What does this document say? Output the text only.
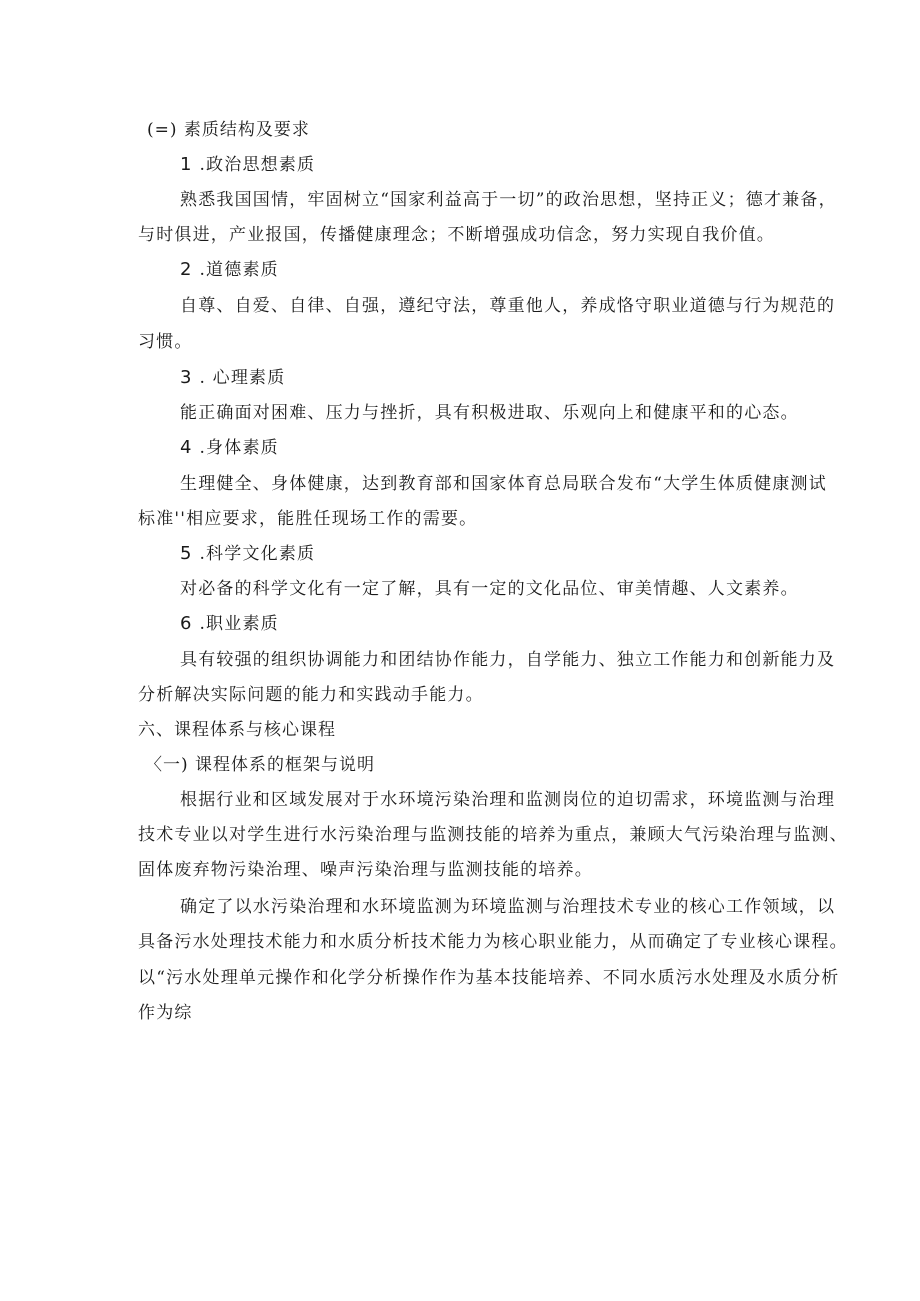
(=) 素质结构及要求
1 .政治思想素质
熟悉我国国情，牢固树立“国家利益高于一切”的政治思想，坚持正义；德才兼备，
与时俱进，产业报国，传播健康理念；不断增强成功信念，努力实现自我价值。
2 .道德素质
自尊、自爱、自律、自强，遵纪守法，尊重他人，养成恪守职业道德与行为规范的
习惯。
3 . 心理素质
能正确面对困难、压力与挫折，具有积极进取、乐观向上和健康平和的心态。
4 .身体素质
生理健全、身体健康，达到教育部和国家体育总局联合发布“大学生体质健康测试
标准''相应要求，能胜任现场工作的需要。
5 .科学文化素质
对必备的科学文化有一定了解，具有一定的文化品位、审美情趣、人文素养。
6 .职业素质
具有较强的组织协调能力和团结协作能力，自学能力、独立工作能力和创新能力及
分析解决实际问题的能力和实践动手能力。
六、课程体系与核心课程
〈一) 课程体系的框架与说明
根据行业和区域发展对于水环境污染治理和监测岗位的迫切需求，环境监测与治理
技术专业以对学生进行水污染治理与监测技能的培养为重点，兼顾大气污染治理与监测、
固体废弃物污染治理、噪声污染治理与监测技能的培养。
确定了以水污染治理和水环境监测为环境监测与治理技术专业的核心工作领域，以
具备污水处理技术能力和水质分析技术能力为核心职业能力，从而确定了专业核心课程。
以“污水处理单元操作和化学分析操作作为基本技能培养、不同水质污水处理及水质分析
作为综
